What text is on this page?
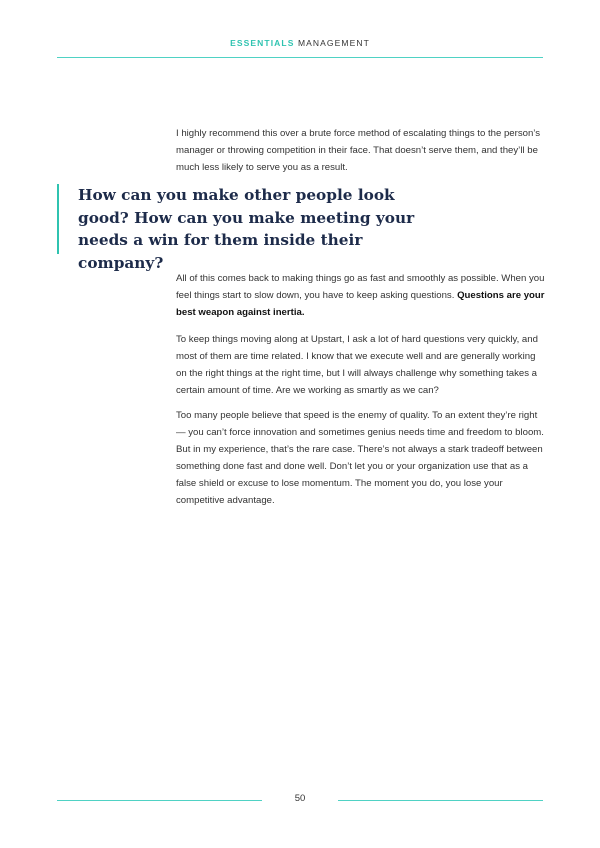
ESSENTIALS MANAGEMENT

I highly recommend this over a brute force method of escalating things to the person’s manager or throwing competition in their face. That doesn’t serve them, and they’ll be much less likely to serve you as a result.

How can you make other people look good? How can you make meeting your needs a win for them inside their company?

All of this comes back to making things go as fast and smoothly as possible. When you feel things start to slow down, you have to keep asking questions. Questions are your best weapon against inertia.

To keep things moving along at Upstart, I ask a lot of hard questions very quickly, and most of them are time related. I know that we execute well and are generally working on the right things at the right time, but I will always challenge why something takes a certain amount of time. Are we working as smartly as we can?

Too many people believe that speed is the enemy of quality. To an extent they’re right — you can’t force innovation and sometimes genius needs time and freedom to bloom. But in my experience, that’s the rare case. There’s not always a stark tradeoff between something done fast and done well. Don’t let you or your organization use that as a false shield or excuse to lose momentum. The moment you do, you lose your competitive advantage.

50
